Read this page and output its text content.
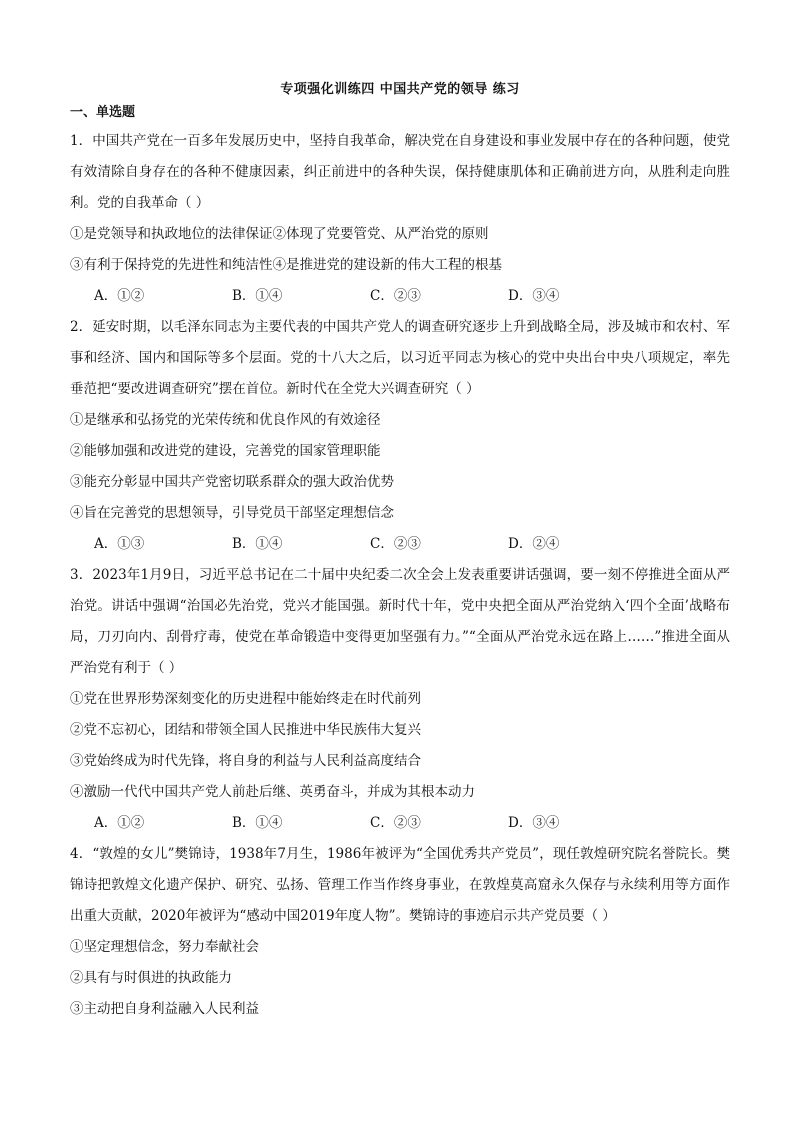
专项强化训练四 中国共产党的领导 练习

一、单选题

1．中国共产党在一百多年发展历史中，坚持自我革命，解决党在自身建设和事业发展中存在的各种问题，使党有效清除自身存在的各种不健康因素，纠正前进中的各种失误，保持健康肌体和正确前进方向，从胜利走向胜利。党的自我革命（ ）

①是党领导和执政地位的法律保证②体现了党要管党、从严治党的原则

③有利于保持党的先进性和纯洁性④是推进党的建设新的伟大工程的根基

A．①②	B．①④	C．②③	D．③④

2．延安时期，以毛泽东同志为主要代表的中国共产党人的调查研究逐步上升到战略全局，涉及城市和农村、军事和经济、国内和国际等多个层面。党的十八大之后，以习近平同志为核心的党中央出台中央八项规定，率先垂范把“要改进调查研究”摆在首位。新时代在全党大兴调查研究（ ）

①是继承和弘扬党的光荣传统和优良作风的有效途径

②能够加强和改进党的建设，完善党的国家管理职能

③能充分彰显中国共产党密切联系群众的强大政治优势

④旨在完善党的思想领导，引导党员干部坚定理想信念

A．①③	B．①④	C．②③	D．②④

3．2023年1月9日，习近平总书记在二十届中央纪委二次全会上发表重要讲话强调，要一刻不停推进全面从严治党。讲话中强调“治国必先治党，党兴才能国强。新时代十年，党中央把全面从严治党纳入‘四个全面’战略布局，刀刃向内、刮骨疗毒，使党在革命锻造中变得更加坚强有力。”“全面从严治党永远在路上……”推进全面从严治党有利于（ ）

①党在世界形势深刻变化的历史进程中能始终走在时代前列

②党不忘初心，团结和带领全国人民推进中华民族伟大复兴

③党始终成为时代先锋，将自身的利益与人民利益高度结合

④激励一代代中国共产党人前赴后继、英勇奋斗，并成为其根本动力

A．①②	B．①④	C．②③	D．③④

4．“敦煌的女儿”樊锦诗，1938年7月生，1986年被评为“全国优秀共产党员”，现任敦煌研究院名誉院长。樊锦诗把敦煌文化遗产保护、研究、弘扬、管理工作当作终身事业，在敦煌莫高窟永久保存与永续利用等方面作出重大贡献，2020年被评为“感动中国2019年度人物”。樊锦诗的事迹启示共产党员要（ ）

①坚定理想信念，努力奉献社会

②具有与时俱进的执政能力

③主动把自身利益融入人民利益
